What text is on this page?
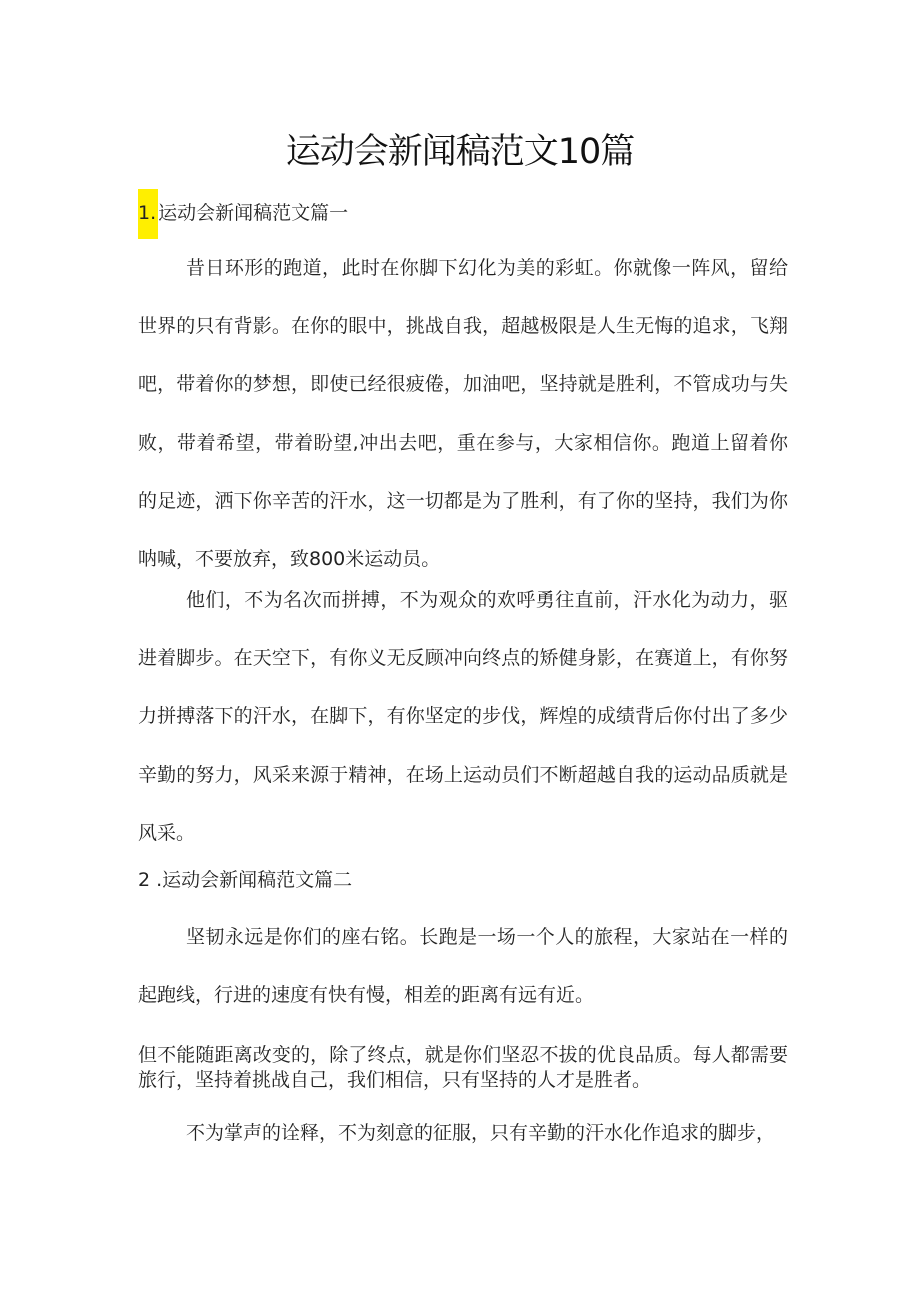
运动会新闻稿范文10篇
1. 运动会新闻稿范文篇一

昔日环形的跑道，此时在你脚下幻化为美的彩虹。你就像一阵风，留给世界的只有背影。在你的眼中，挑战自我，超越极限是人生无悔的追求，飞翔吧，带着你的梦想，即使已经很疲倦，加油吧，坚持就是胜利，不管成功与失败，带着希望，带着盼望,冲出去吧，重在参与，大家相信你。跑道上留着你的足迹，洒下你辛苦的汗水，这一切都是为了胜利，有了你的坚持，我们为你呐喊，不要放弃，致800米运动员。

他们，不为名次而拼搏，不为观众的欢呼勇往直前，汗水化为动力，驱进着脚步。在天空下，有你义无反顾冲向终点的矫健身影，在赛道上，有你努力拼搏落下的汗水，在脚下，有你坚定的步伐，辉煌的成绩背后你付出了多少辛勤的努力，风采来源于精神，在场上运动员们不断超越自我的运动品质就是风采。

2 .运动会新闻稿范文篇二

坚韧永远是你们的座右铭。长跑是一场一个人的旅程，大家站在一样的起跑线，行进的速度有快有慢，相差的距离有远有近。

但不能随距离改变的，除了终点，就是你们坚忍不拔的优良品质。每人都需要旅行，坚持着挑战自己，我们相信，只有坚持的人才是胜者。

不为掌声的诠释，不为刻意的征服，只有辛勤的汗水化作追求的脚步，
